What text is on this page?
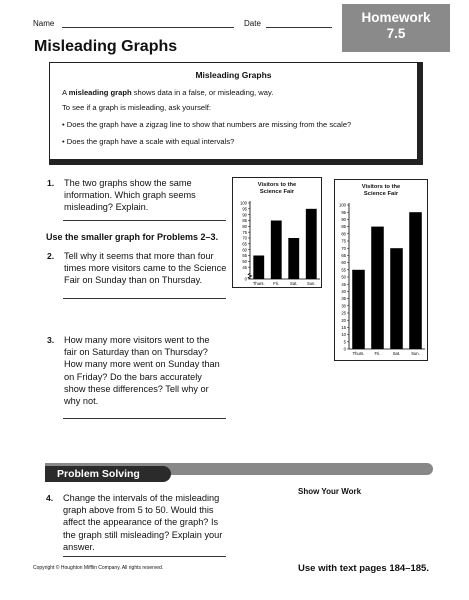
Name	Date	Homework
7.5
Misleading Graphs
Misleading Graphs
A misleading graph shows data in a false, or misleading, way.
To see if a graph is misleading, ask yourself:
• Does the graph have a zigzag line to show that numbers are missing from the scale?
• Does the graph have a scale with equal intervals?
1. The two graphs show the same information. Which graph seems misleading? Explain.
Use the smaller graph for Problems 2–3.
2. Tell why it seems that more than four times more visitors came to the Science Fair on Sunday than on Thursday.
3. How many more visitors went to the fair on Saturday than on Thursday? How many more went on Sunday than on Friday? Do the bars accurately show these differences? Tell why or why not.
Visitors to the
Science Fair
100
95
90
85
80
75
70
65
60
55
50
45
0
Thurs. Fri.	Sat. Sun.
Visitors to the
Science Fair
100
95
90
85
80
75
70
65
60
55
50
45
40
35
30
25
20
15
10
5
0
Thurs. Fri.	Sat.	Sun.
Problem Solving
Show Your Work
4. Change the intervals of the misleading graph above from 5 to 50. Would this affect the appearance of the graph? Is the graph still misleading? Explain your answer.
Copyright © Houghton Mifflin Company. All rights reserved.	Use with text pages 184–185.
